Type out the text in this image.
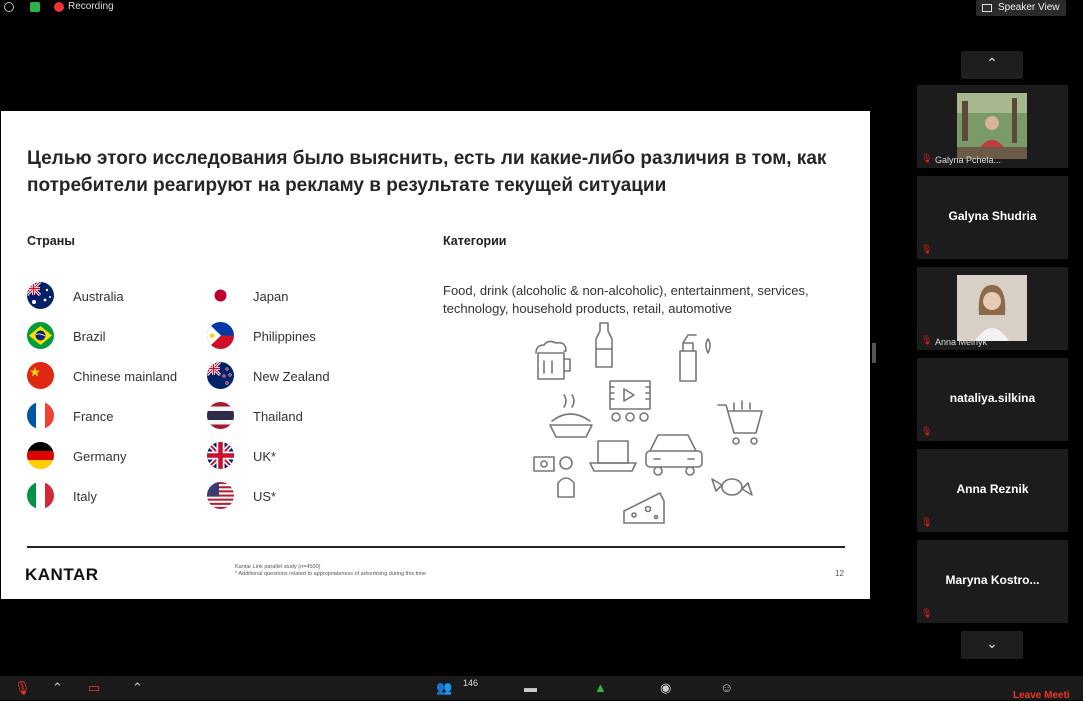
Recording	Speaker View
Целью этого исследования было выяснить, есть ли какие-либо различия в том, как потребители реагируют на рекламу в результате текущей ситуации
Страны	Категории
Australia
Brazil
Chinese mainland
France
Germany
Italy
Japan
Philippines
New Zealand
Thailand
UK*
US*
Food, drink (alcoholic & non-alcoholic), entertainment, services, technology, household products, retail, automotive
KANTAR	Kantar Link parallel study (n=4500)
* Additional questions related to appropriateness of advertising during this time	12
⌃
🎙 Galyna Pchela...
Galyna Shudria
🎙
🎙 Anna Melnyk
nataliya.silkina
🎙
Anna Reznik
🎙
Maryna Kostro...
🎙
⌄
🎙 ⌃ ▭ ⌃	👥 146	▬	▲	◉	☺
Leave Meeti
